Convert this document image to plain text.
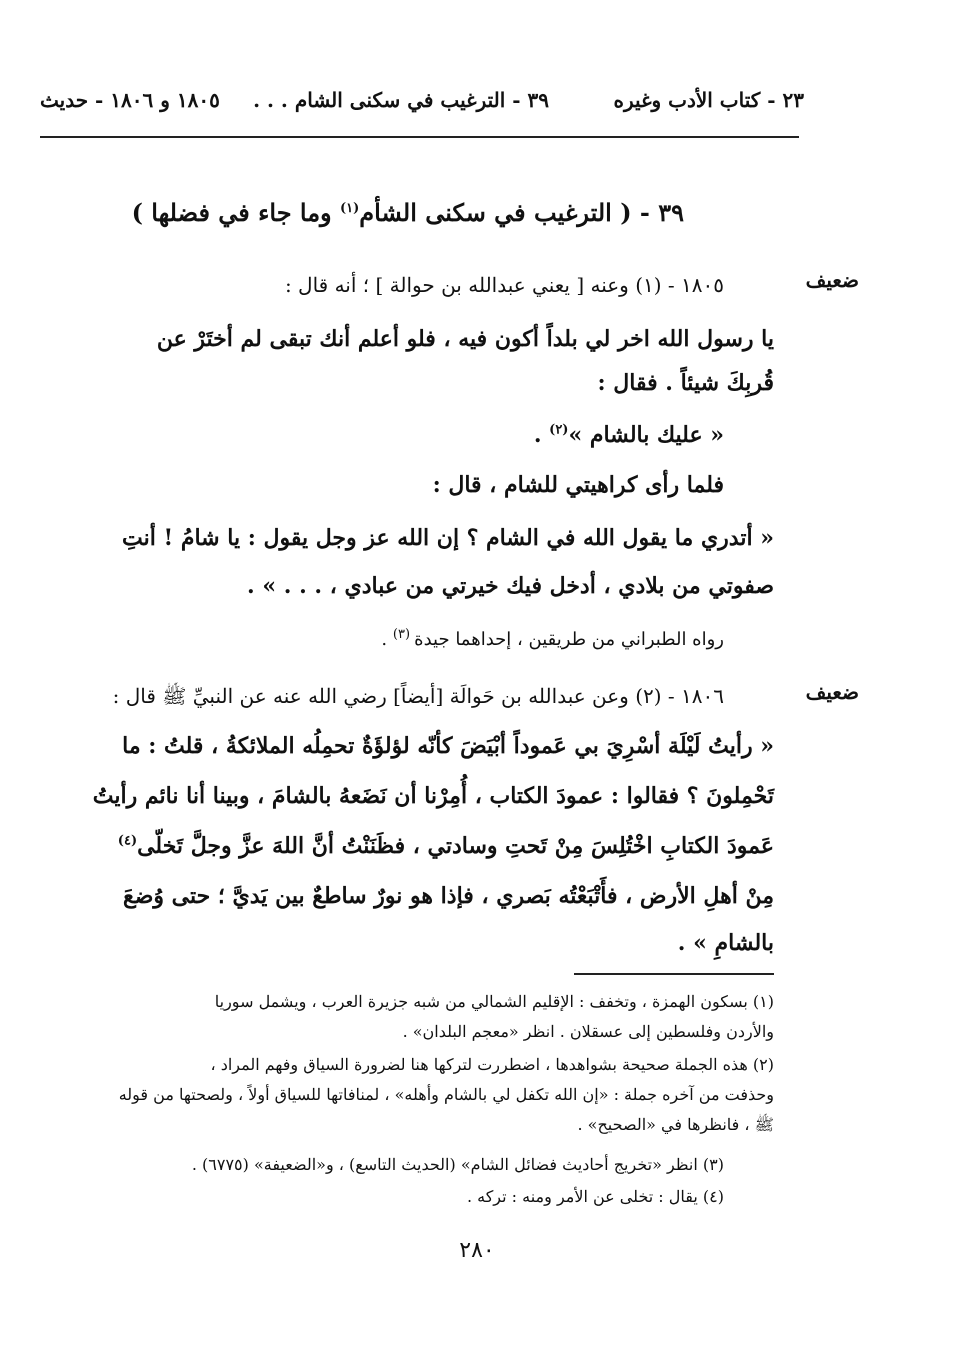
٢٣ - كتاب الأدب وغيره
٣٩ - الترغيب في سكنى الشام . . .
١٨٠٥ و ١٨٠٦ - حديث
٣٩ - ( الترغيب في سكنى الشأم$^{(١)}$ وما جاء في فضلها )
ضعيف
١٨٠٥ - (١) وعنه [ يعني عبدالله بن حوالة ] ؛ أنه قال :
يا رسول الله اخر لي بلداً أكون فيه ، فلو أعلم أنك تبقى لم أختَرْ عن
قُربِكَ شيئاً . فقال :
« عليك بالشام »$^{(٢)}$ .
فلما رأى كراهيتي للشام ، قال :
« أتدري ما يقول الله في الشام ؟ إن الله عز وجل يقول : يا شامُ ! أنتِ
صفوتي من بلادي ، أدخل فيك خيرتي من عبادي ، . . . » .
رواه الطبراني من طريقين ، إحداهما جيدة $^{(٣)}$ .
ضعيف
١٨٠٦ - (٢) وعن عبدالله بن حَوالَة [أيضاً] رضي الله عنه عن النبيِّ ﷺ قال :
« رأيتُ لَيْلَة أسْرِيَ بي عَموداً أبْيَضَ كأنّه لؤلؤَةٌ تحمِلُه الملائكةُ ، قلتُ : ما
تَحْمِلونَ ؟ فقالوا : عمودَ الكتاب ، أُمِرْنا أن نَضَعهُ بالشامَ ، وبينا أنا نائم رأيتُ
عَمودَ الكتابِ اخْتُلِسَ مِنْ تَحتِ وسادتي ، فظَنَنْتُ أنَّ اللهَ عزَّ وجلَّ تَخلّى$^{(٤)}$
مِنْ أهلِ الأرض ، فأَتْبَعْتُه بَصري ، فإذا هو نورٌ ساطعٌ بين يَديَّ ؛ حتى وُضعَ
بالشامِ » .
(١) بسكون الهمزة ، وتخفف : الإقليم الشمالي من شبه جزيرة العرب ، ويشمل سوريا
والأردن وفلسطين إلى عسقلان . انظر «معجم البلدان» .
(٢) هذه الجملة صحيحة بشواهدها ، اضطررت لتركها هنا لضرورة السياق وفهم المراد ،
وحذفت من آخره جملة : «إن الله تكفل لي بالشام وأهله» ، لمنافاتها للسياق أولاً ، ولصحتها من قوله
ﷺ ، فانظرها في «الصحيح» .
(٣) انظر «تخريج أحاديث فضائل الشام» (الحديث التاسع) ، و«الضعيفة» (٦٧٧٥) .
(٤) يقال : تخلى عن الأمر ومنه : تركه .
٢٨٠
